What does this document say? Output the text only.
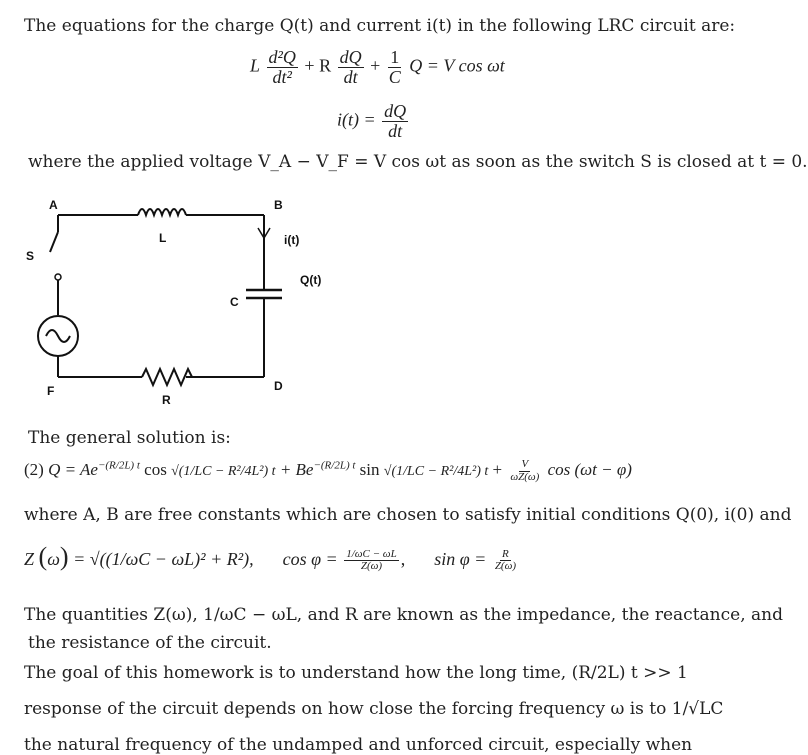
The equations for the charge Q(t) and current i(t) in the following LRC circuit are:
L $\frac{\text{d²Q}}{\text{dt²}} + R \frac{dQ}{dt} + \frac{1}{C}$ Q = V cos ωt
$i(t) = \frac{dQ}{dt}$
where the applied voltage V_A − V_F = V cos ωt as soon as the switch S is closed at t = 0.
A	B
L
S
i(t)
Q(t)
C
F	D
R
The general solution is:
(2) $Q = Ae^{-(R/2L) t}$ cos √(1/LC − R²/4L²) $t + Be^{-(R/2L) t}$ sin √(1/LC − R²/4L²) $t + \frac{V}{\omega Z(\omega)}$ cos (ωt − φ)
where A, B are free constants which are chosen to satisfy initial conditions Q(0), i(0) and
Z (ω) = √((1/ωC − ωL)² + R²), $\cos \varphi = \frac{1/\omega C - \omega L}{Z(\omega)}$ ,  $\sin \varphi = \frac{R}{Z(\omega)}$
The quantities Z(ω), 1/ωC − ωL, and R are known as the impedance, the reactance, and
the resistance of the circuit.
The goal of this homework is to understand how the long time, (R/2L) t >> 1
response of the circuit depends on how close the forcing frequency ω is to 1/√LC
the natural frequency of the undamped and unforced circuit, especially when
